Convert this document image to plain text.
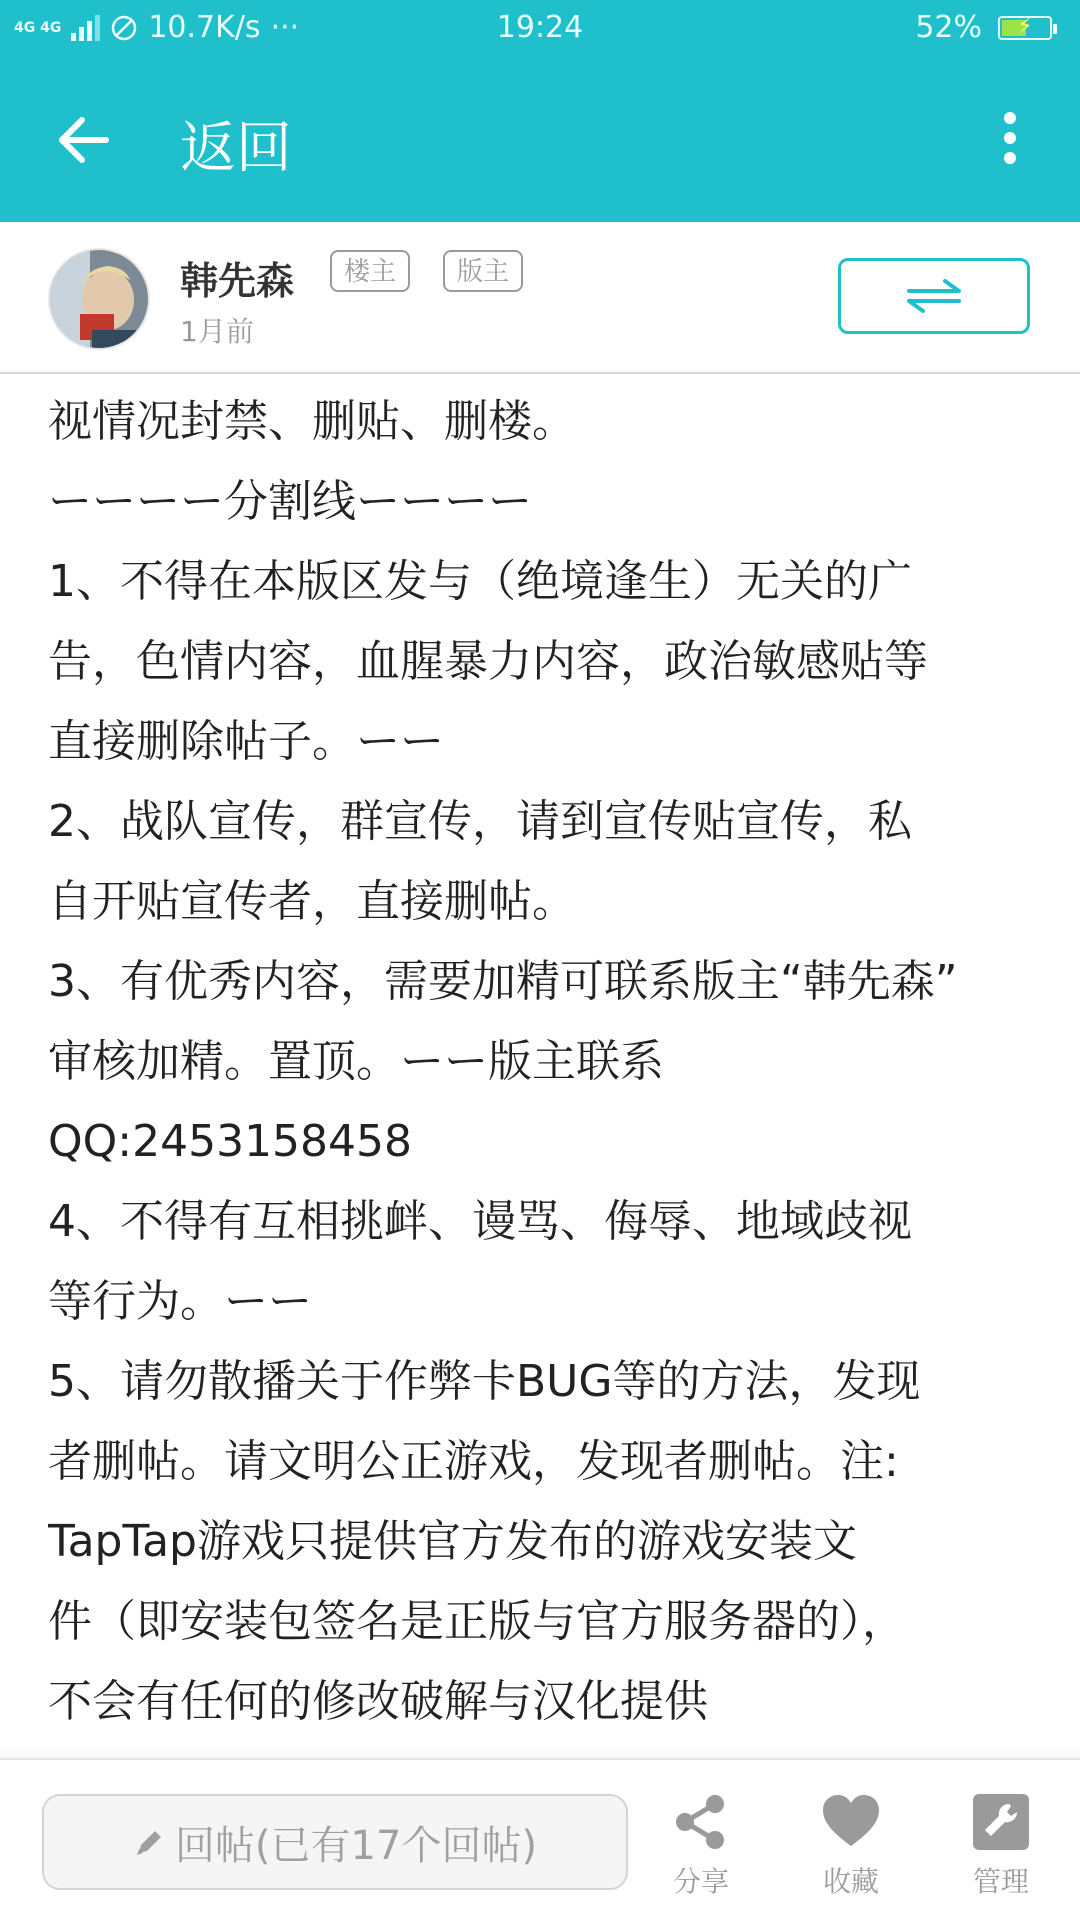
4G 4G	10.7K/s ···	19:24	52%	⚡
返回
韩先森	楼主	版主
1月前

视情况封禁、删贴、删楼。

ーーーー分割线ーーーー

1、不得在本版区发与（绝境逢生）无关的广

告，色情内容，血腥暴力内容，政治敏感贴等

直接删除帖子。ーー

2、战队宣传，群宣传，请到宣传贴宣传，私

自开贴宣传者，直接删帖。

3、有优秀内容，需要加精可联系版主“韩先森”

审核加精。置顶。ーー版主联系

QQ:2453158458

4、不得有互相挑衅、谩骂、侮辱、地域歧视

等行为。ーー

5、请勿散播关于作弊卡BUG等的方法，发现

者删帖。请文明公正游戏，发现者删帖。注:

TapTap游戏只提供官方发布的游戏安装文

件（即安装包签名是正版与官方服务器的），

不会有任何的修改破解与汉化提供

回帖(已有17个回帖)
分享	收藏	管理
